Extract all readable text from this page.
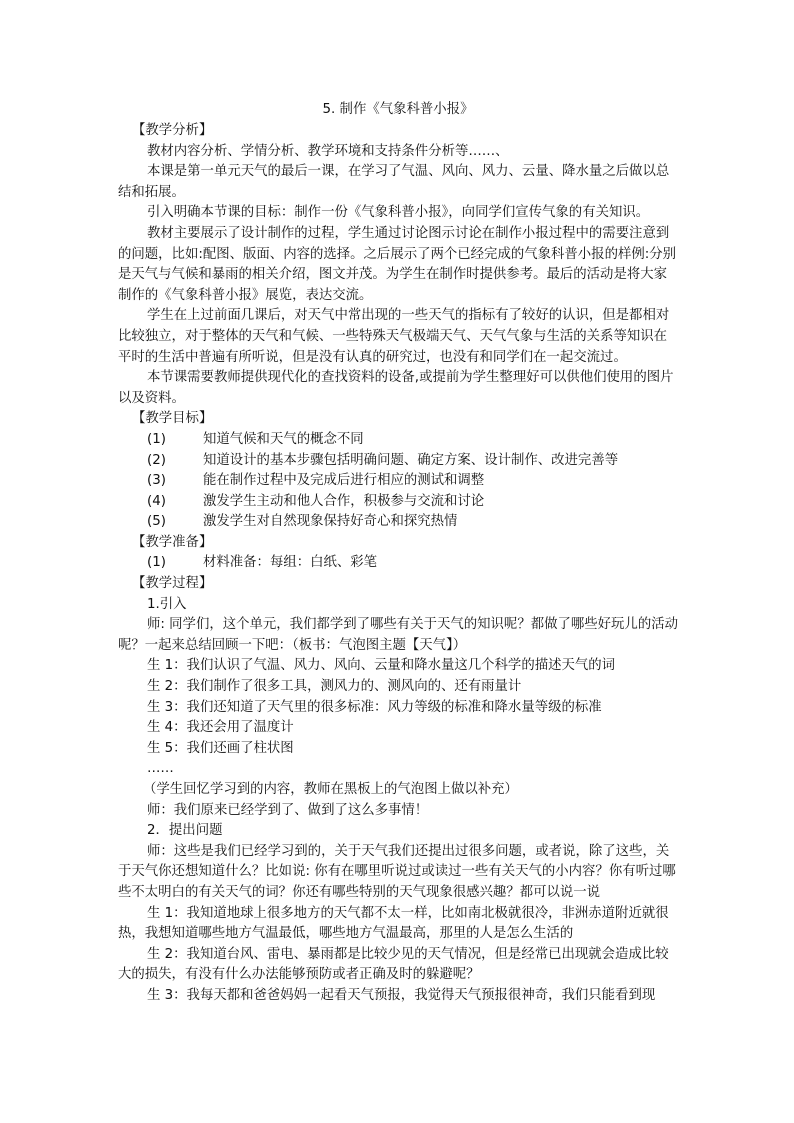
5. 制作《气象科普小报》
【教学分析】
教材内容分析、学情分析、教学环境和支持条件分析等……、
本课是第一单元天气的最后一课，在学习了气温、风向、风力、云量、降水量之后做以总结和拓展。
引入明确本节课的目标：制作一份《气象科普小报》，向同学们宣传气象的有关知识。
教材主要展示了设计制作的过程，学生通过讨论图示讨论在制作小报过程中的需要注意到的问题，比如:配图、版面、内容的选择。之后展示了两个已经完成的气象科普小报的样例:分别是天气与气候和暴雨的相关介绍，图文并茂。为学生在制作时提供参考。最后的活动是将大家制作的《气象科普小报》展览，表达交流。
学生在上过前面几课后，对天气中常出现的一些天气的指标有了较好的认识，但是都相对比较独立，对于整体的天气和气候、一些特殊天气极端天气、天气气象与生活的关系等知识在平时的生活中普遍有所听说，但是没有认真的研究过，也没有和同学们在一起交流过。
本节课需要教师提供现代化的查找资料的设备,或提前为学生整理好可以供他们使用的图片以及资料。
【教学目标】
(1)	知道气候和天气的概念不同
(2)	知道设计的基本步骤包括明确问题、确定方案、设计制作、改进完善等
(3)	能在制作过程中及完成后进行相应的测试和调整
(4)	激发学生主动和他人合作，积极参与交流和讨论
(5)	激发学生对自然现象保持好奇心和探究热情
【教学准备】
(1)	材料准备：每组：白纸、彩笔
【教学过程】
1.引入
师: 同学们，这个单元，我们都学到了哪些有关于天气的知识呢？都做了哪些好玩儿的活动呢？一起来总结回顾一下吧：（板书：气泡图主题【天气】）
生 1：我们认识了气温、风力、风向、云量和降水量这几个科学的描述天气的词
生 2：我们制作了很多工具，测风力的、测风向的、还有雨量计
生 3：我们还知道了天气里的很多标准：风力等级的标准和降水量等级的标准
生 4：我还会用了温度计
生 5：我们还画了柱状图
……
（学生回忆学习到的内容，教师在黑板上的气泡图上做以补充）
师：我们原来已经学到了、做到了这么多事情！
2．提出问题
师：这些是我们已经学习到的，关于天气我们还提出过很多问题，或者说，除了这些，关于天气你还想知道什么？比如说: 你有在哪里听说过或读过一些有关天气的小内容？你有听过哪些不太明白的有关天气的词？你还有哪些特别的天气现象很感兴趣？都可以说一说
生 1：我知道地球上很多地方的天气都不太一样，比如南北极就很冷，非洲赤道附近就很热，我想知道哪些地方气温最低，哪些地方气温最高，那里的人是怎么生活的
生 2：我知道台风、雷电、暴雨都是比较少见的天气情况，但是经常已出现就会造成比较大的损失，有没有什么办法能够预防或者正确及时的躲避呢？
生 3：我每天都和爸爸妈妈一起看天气预报，我觉得天气预报很神奇，我们只能看到现
